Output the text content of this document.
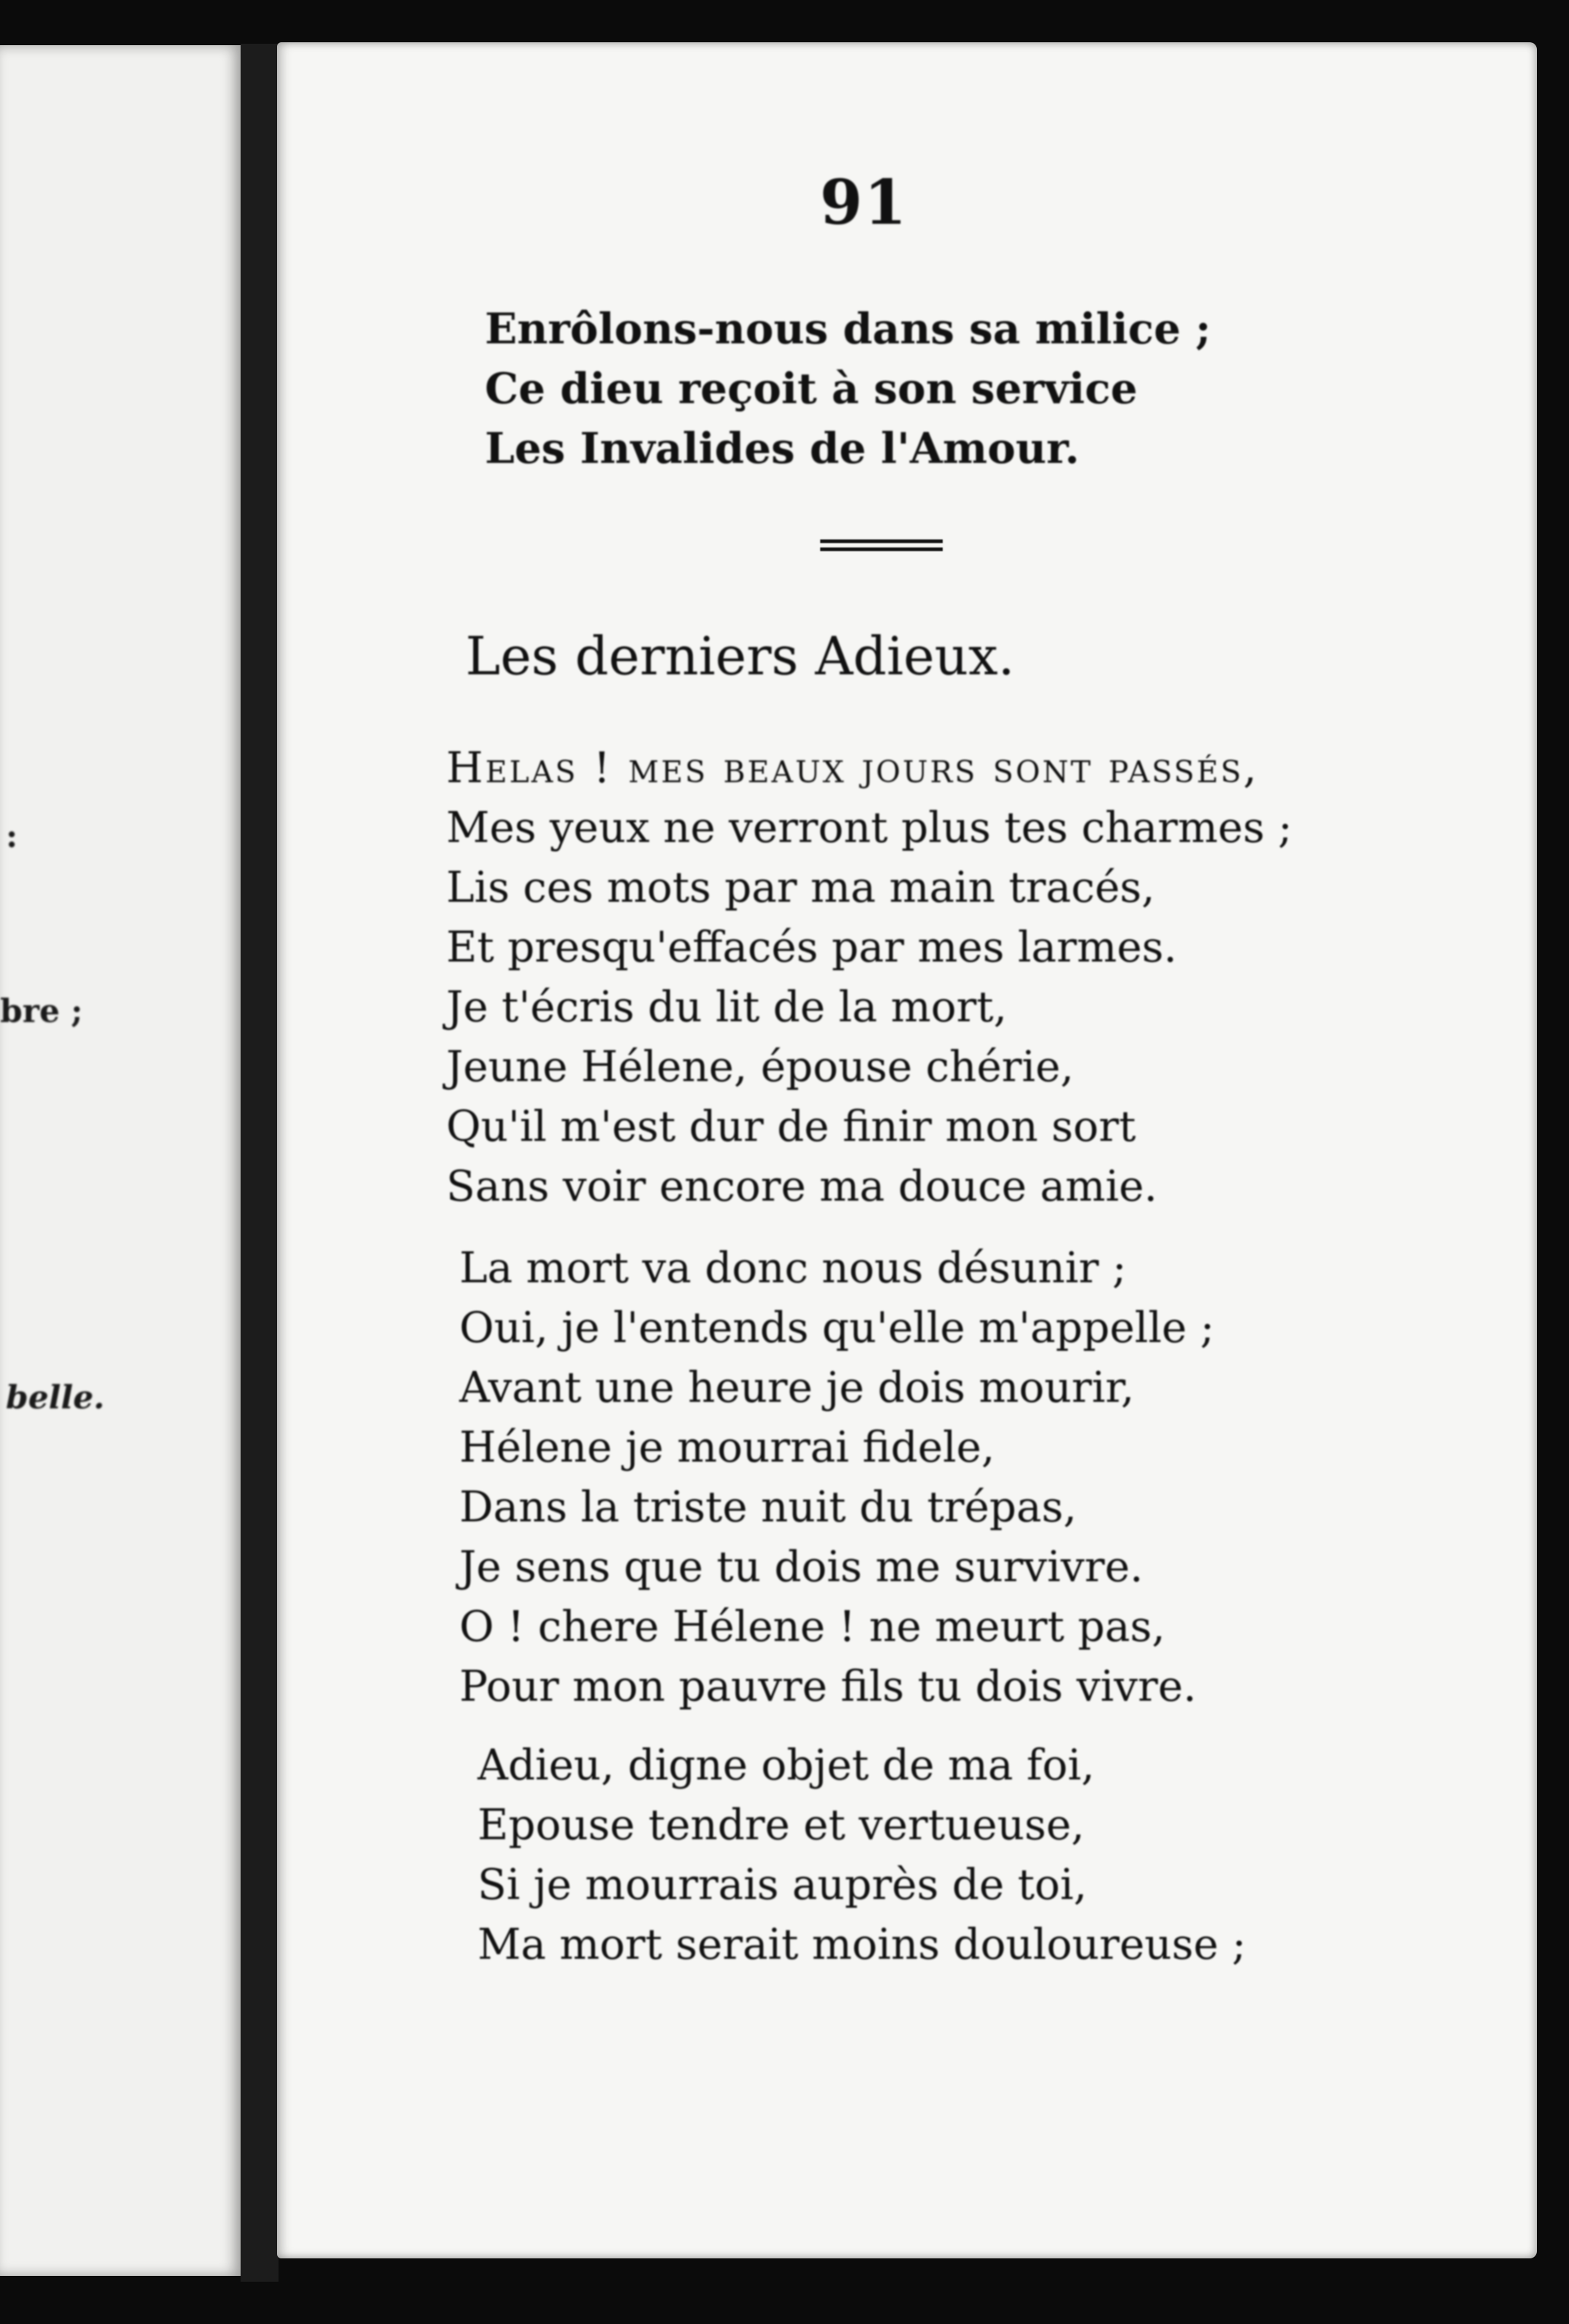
:
bre ;
belle.
91
Enrôlons-nous dans sa milice ;
Ce dieu reçoit à son service
Les Invalides de l'Amour.
Les derniers Adieux.
Helas ! mes beaux jours sont passés,
Mes yeux ne verront plus tes charmes ;
Lis ces mots par ma main tracés,
Et presqu'effacés par mes larmes.
Je t'écris du lit de la mort,
Jeune Hélene, épouse chérie,
Qu'il m'est dur de finir mon sort
Sans voir encore ma douce amie.
La mort va donc nous désunir ;
Oui, je l'entends qu'elle m'appelle ;
Avant une heure je dois mourir,
Hélene je mourrai fidele,
Dans la triste nuit du trépas,
Je sens que tu dois me survivre.
O ! chere Hélene ! ne meurt pas,
Pour mon pauvre fils tu dois vivre.
Adieu, digne objet de ma foi,
Epouse tendre et vertueuse,
Si je mourrais auprès de toi,
Ma mort serait moins douloureuse ;
